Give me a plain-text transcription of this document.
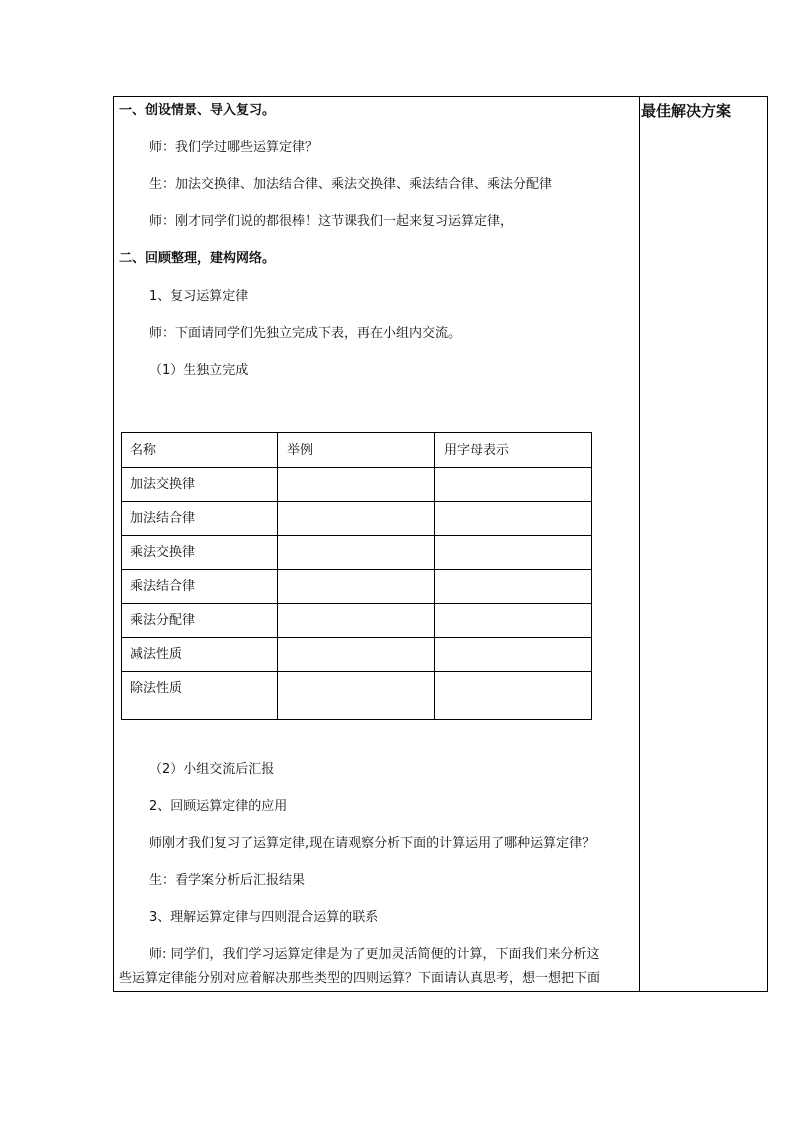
最佳解决方案
一、创设情景、导入复习。
师：我们学过哪些运算定律？
生：加法交换律、加法结合律、乘法交换律、乘法结合律、乘法分配律
师：刚才同学们说的都很棒！这节课我们一起来复习运算定律，
二、回顾整理，建构网络。
1、复习运算定律
师：下面请同学们先独立完成下表，再在小组内交流。
（1）生独立完成
名称	举例	用字母表示
加法交换律
加法结合律
乘法交换律
乘法结合律
乘法分配律
减法性质
除法性质
（2）小组交流后汇报
2、回顾运算定律的应用
师刚才我们复习了运算定律,现在请观察分析下面的计算运用了哪种运算定律？
生：看学案分析后汇报结果
3、理解运算定律与四则混合运算的联系
师: 同学们，我们学习运算定律是为了更加灵活简便的计算，下面我们来分析这
些运算定律能分别对应着解决那些类型的四则运算？下面请认真思考，想一想把下面
